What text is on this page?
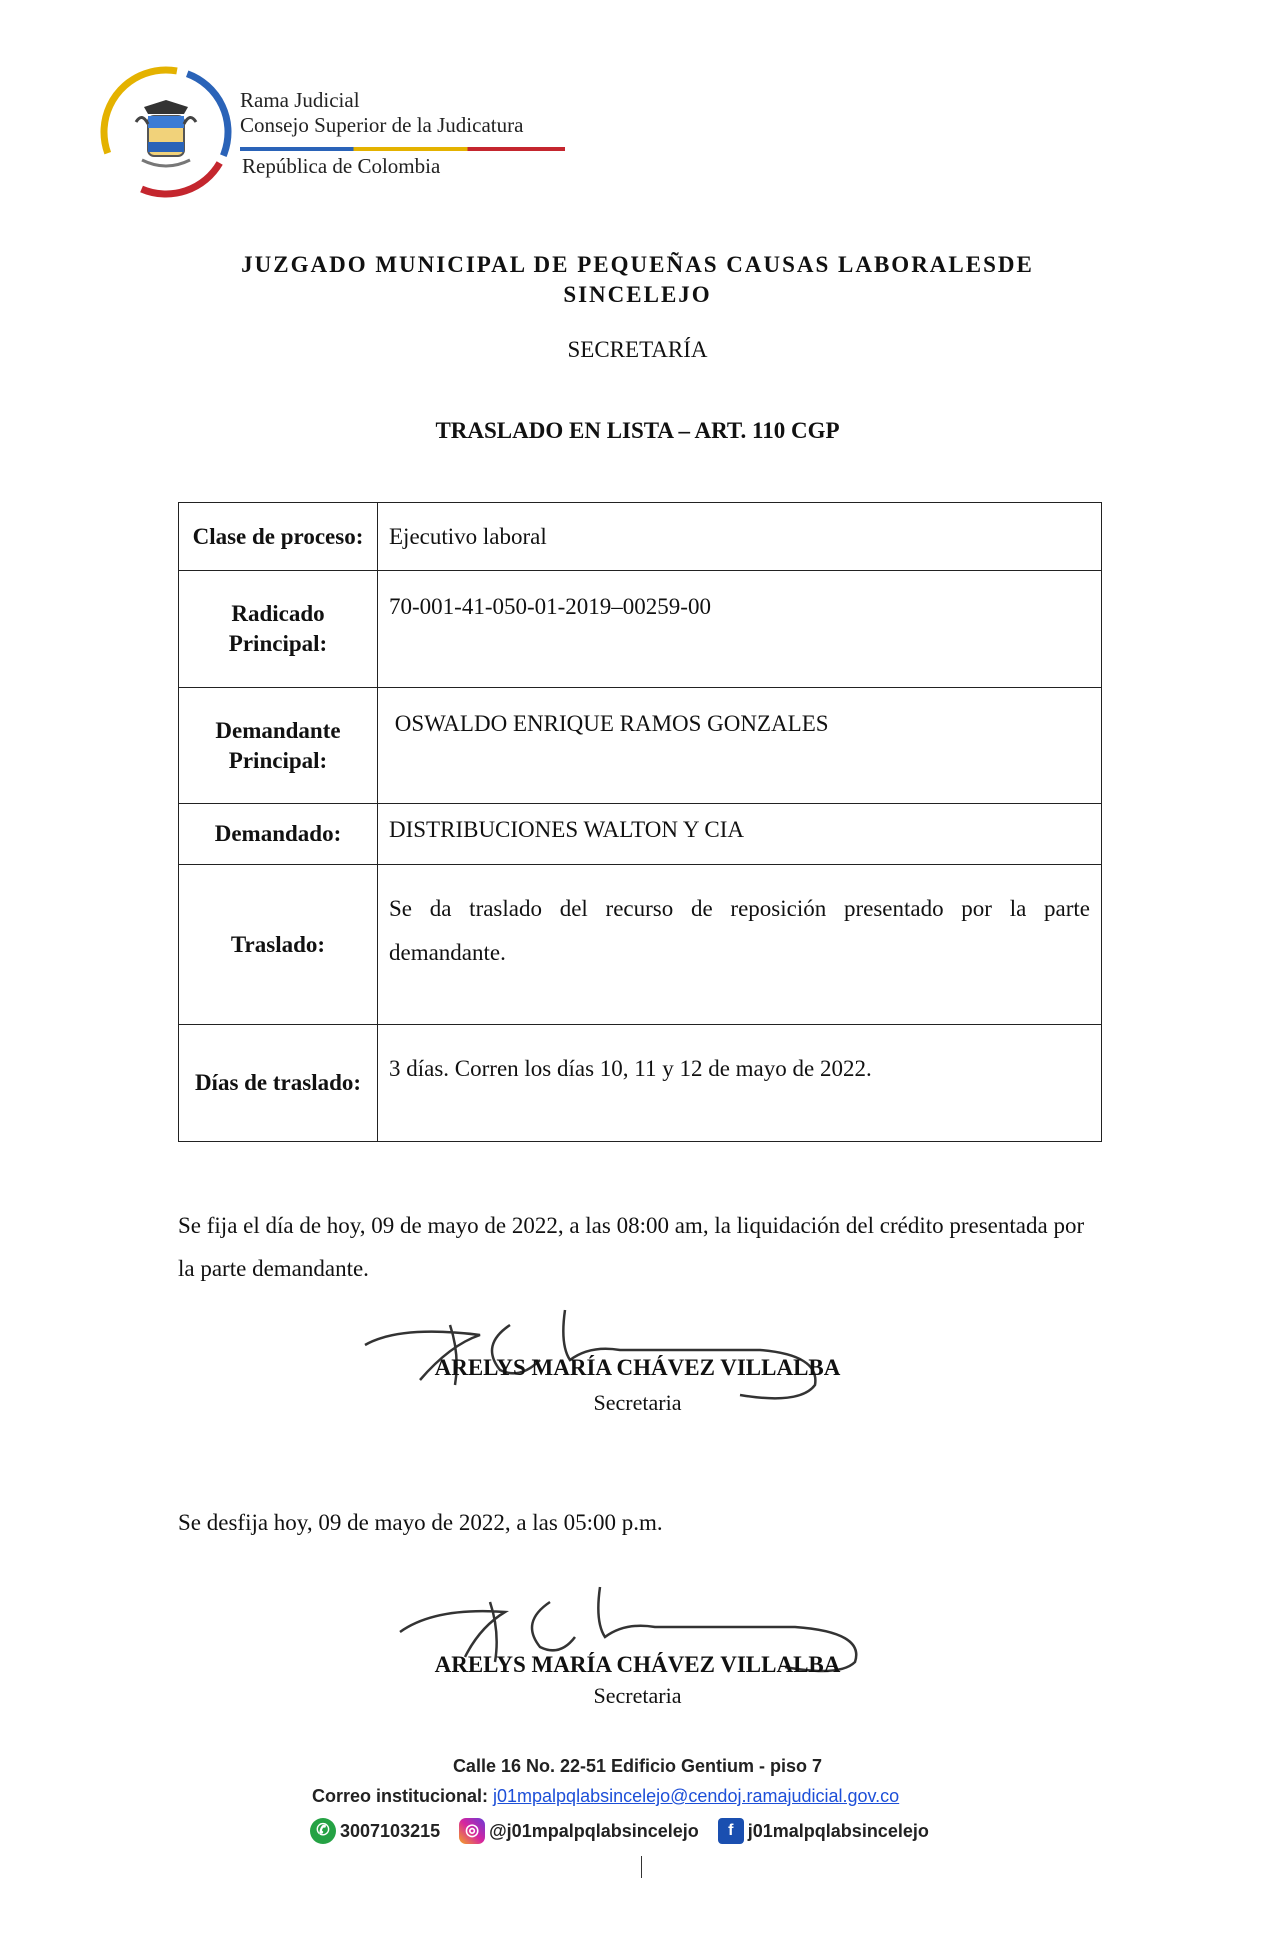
Rama Judicial
Consejo Superior de la Judicatura
República de Colombia
JUZGADO MUNICIPAL DE PEQUEÑAS CAUSAS LABORALESDE
SINCELEJO
SECRETARÍA
TRASLADO EN LISTA – ART. 110 CGP
Clase de proceso:	Ejecutivo laboral
Radicado Principal:	70-001-41-050-01-2019–00259-00
Demandante Principal:	OSWALDO ENRIQUE RAMOS GONZALES
Demandado:	DISTRIBUCIONES WALTON Y CIA
Traslado:	Se da traslado del recurso de reposición presentado por la parte demandante.
Días de traslado:	3 días. Corren los días 10, 11 y 12 de mayo de 2022.
Se fija el día de hoy, 09 de mayo de 2022, a las 08:00 am, la liquidación del crédito presentada por la parte demandante.
ARELYS MARÍA CHÁVEZ VILLALBA
Secretaria
Se desfija hoy, 09 de mayo de 2022, a las 05:00 p.m.
ARELYS MARÍA CHÁVEZ VILLALBA
Secretaria
Calle 16 No. 22-51 Edificio Gentium - piso 7
Correo institucional: j01mpalpqlabsincelejo@cendoj.ramajudicial.gov.co
✆ 3007103215 ◎ @j01mpalpqlabsincelejo f j01malpqlabsincelejo
